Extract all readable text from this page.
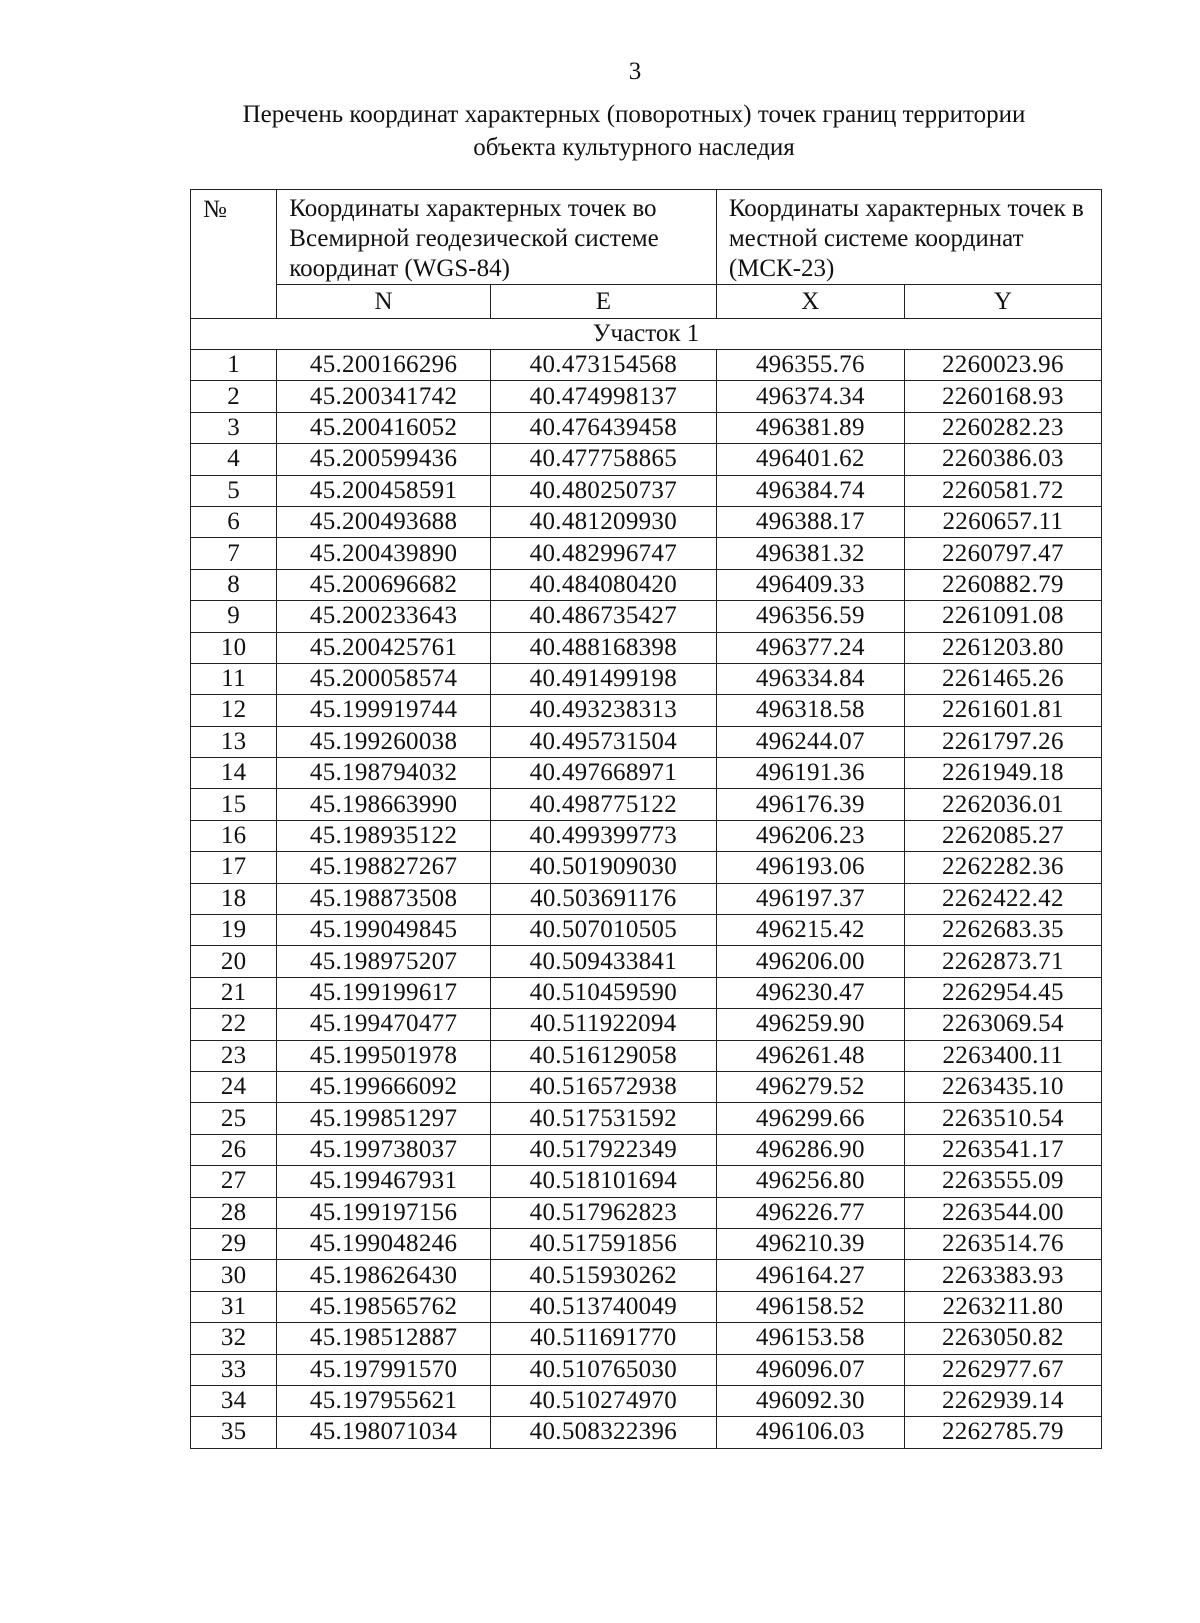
3
Перечень координат характерных (поворотных) точек границ территории
объекта культурного наследия
№	Координаты характерных точек во Всемирной геодезической системе координат (WGS-84)		Координаты характерных точек в местной системе координат (МСК-23)	
	N	E	X	Y
Участок 1				
1	45.200166296	40.473154568	496355.76	2260023.96
2	45.200341742	40.474998137	496374.34	2260168.93
3	45.200416052	40.476439458	496381.89	2260282.23
4	45.200599436	40.477758865	496401.62	2260386.03
5	45.200458591	40.480250737	496384.74	2260581.72
6	45.200493688	40.481209930	496388.17	2260657.11
7	45.200439890	40.482996747	496381.32	2260797.47
8	45.200696682	40.484080420	496409.33	2260882.79
9	45.200233643	40.486735427	496356.59	2261091.08
10	45.200425761	40.488168398	496377.24	2261203.80
11	45.200058574	40.491499198	496334.84	2261465.26
12	45.199919744	40.493238313	496318.58	2261601.81
13	45.199260038	40.495731504	496244.07	2261797.26
14	45.198794032	40.497668971	496191.36	2261949.18
15	45.198663990	40.498775122	496176.39	2262036.01
16	45.198935122	40.499399773	496206.23	2262085.27
17	45.198827267	40.501909030	496193.06	2262282.36
18	45.198873508	40.503691176	496197.37	2262422.42
19	45.199049845	40.507010505	496215.42	2262683.35
20	45.198975207	40.509433841	496206.00	2262873.71
21	45.199199617	40.510459590	496230.47	2262954.45
22	45.199470477	40.511922094	496259.90	2263069.54
23	45.199501978	40.516129058	496261.48	2263400.11
24	45.199666092	40.516572938	496279.52	2263435.10
25	45.199851297	40.517531592	496299.66	2263510.54
26	45.199738037	40.517922349	496286.90	2263541.17
27	45.199467931	40.518101694	496256.80	2263555.09
28	45.199197156	40.517962823	496226.77	2263544.00
29	45.199048246	40.517591856	496210.39	2263514.76
30	45.198626430	40.515930262	496164.27	2263383.93
31	45.198565762	40.513740049	496158.52	2263211.80
32	45.198512887	40.511691770	496153.58	2263050.82
33	45.197991570	40.510765030	496096.07	2262977.67
34	45.197955621	40.510274970	496092.30	2262939.14
35	45.198071034	40.508322396	496106.03	2262785.79
